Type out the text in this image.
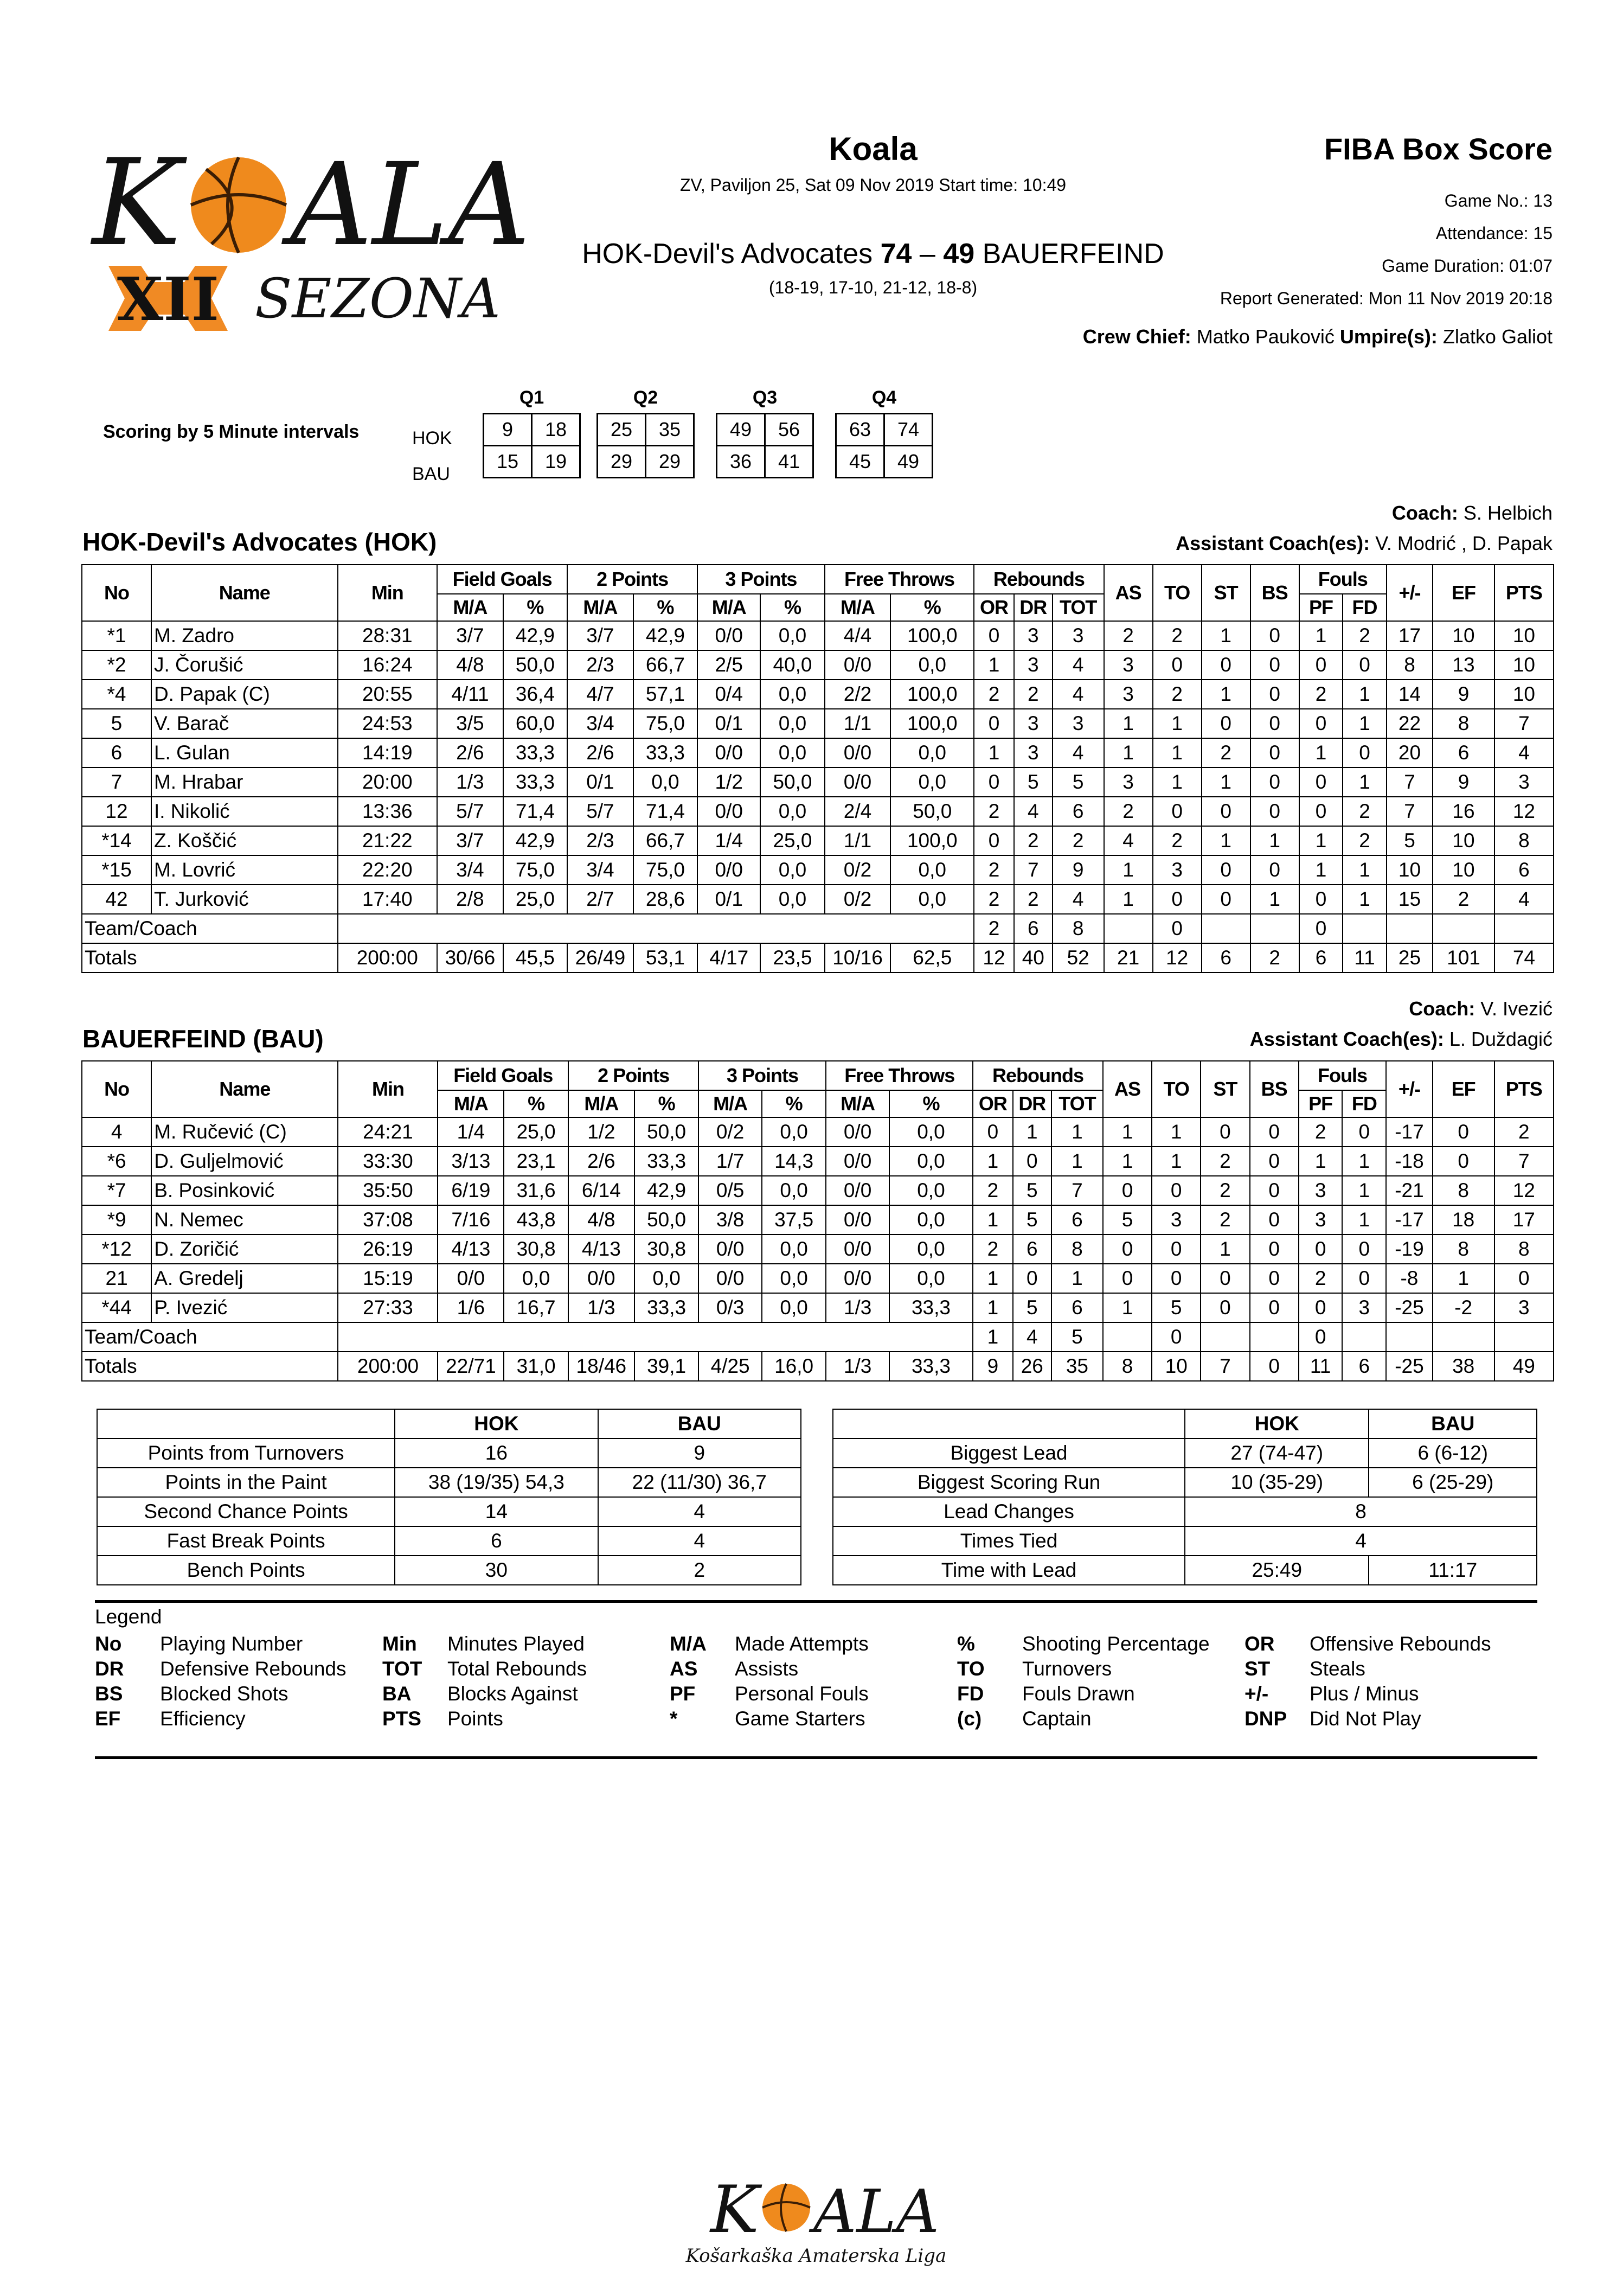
K ALA
XII SEZONA
Koala
ZV, Paviljon 25, Sat 09 Nov 2019 Start time: 10:49
HOK-Devil's Advocates 74 – 49 BAUERFEIND
(18-19, 17-10, 21-12, 18-8)
FIBA Box Score
Game No.: 13
Attendance: 15
Game Duration: 01:07
Report Generated: Mon 11 Nov 2019 20:18
Crew Chief: Matko Pauković Umpire(s): Zlatko Galiot
Scoring by 5 Minute intervals	HOK
BAU
Q1
9	18
15	19
Q2
25	35
29	29
Q3
49	56
36	41
Q4
63	74
45	49
Coach: S. Helbich
Assistant Coach(es): V. Modrić , D. Papak
HOK-Devil's Advocates (HOK)
No	Name	Min	Field Goals		2 Points		3 Points		Free Throws		Rebounds			AS	TO	ST	BS	Fouls		+/-	EF	PTS
			M/A	%	M/A	%	M/A	%	M/A	%	OR	DR	TOT					PF	FD			
*1	M. Zadro	28:31	3/7	42,9	3/7	42,9	0/0	0,0	4/4	100,0	0	3	3	2	2	1	0	1	2	17	10	10
*2	J. Čorušić	16:24	4/8	50,0	2/3	66,7	2/5	40,0	0/0	0,0	1	3	4	3	0	0	0	0	0	8	13	10
*4	D. Papak (C)	20:55	4/11	36,4	4/7	57,1	0/4	0,0	2/2	100,0	2	2	4	3	2	1	0	2	1	14	9	10
5	V. Barač	24:53	3/5	60,0	3/4	75,0	0/1	0,0	1/1	100,0	0	3	3	1	1	0	0	0	1	22	8	7
6	L. Gulan	14:19	2/6	33,3	2/6	33,3	0/0	0,0	0/0	0,0	1	3	4	1	1	2	0	1	0	20	6	4
7	M. Hrabar	20:00	1/3	33,3	0/1	0,0	1/2	50,0	0/0	0,0	0	5	5	3	1	1	0	0	1	7	9	3
12	I. Nikolić	13:36	5/7	71,4	5/7	71,4	0/0	0,0	2/4	50,0	2	4	6	2	0	0	0	0	2	7	16	12
*14	Z. Koščić	21:22	3/7	42,9	2/3	66,7	1/4	25,0	1/1	100,0	0	2	2	4	2	1	1	1	2	5	10	8
*15	M. Lovrić	22:20	3/4	75,0	3/4	75,0	0/0	0,0	0/2	0,0	2	7	9	1	3	0	0	1	1	10	10	6
42	T. Jurković	17:40	2/8	25,0	2/7	28,6	0/1	0,0	0/2	0,0	2	2	4	1	0	0	1	0	1	15	2	4
Team/Coach											2	6	8		0			0				
Totals		200:00	30/66	45,5	26/49	53,1	4/17	23,5	10/16	62,5	12	40	52	21	12	6	2	6	11	25	101	74
Coach: V. Ivezić
Assistant Coach(es): L. Duždagić
BAUERFEIND (BAU)
No	Name	Min	Field Goals		2 Points		3 Points		Free Throws		Rebounds			AS	TO	ST	BS	Fouls		+/-	EF	PTS
			M/A	%	M/A	%	M/A	%	M/A	%	OR	DR	TOT					PF	FD			
4	M. Ručević (C)	24:21	1/4	25,0	1/2	50,0	0/2	0,0	0/0	0,0	0	1	1	1	1	0	0	2	0	-17	0	2
*6	D. Guljelmović	33:30	3/13	23,1	2/6	33,3	1/7	14,3	0/0	0,0	1	0	1	1	1	2	0	1	1	-18	0	7
*7	B. Posinković	35:50	6/19	31,6	6/14	42,9	0/5	0,0	0/0	0,0	2	5	7	0	0	2	0	3	1	-21	8	12
*9	N. Nemec	37:08	7/16	43,8	4/8	50,0	3/8	37,5	0/0	0,0	1	5	6	5	3	2	0	3	1	-17	18	17
*12	D. Zoričić	26:19	4/13	30,8	4/13	30,8	0/0	0,0	0/0	0,0	2	6	8	0	0	1	0	0	0	-19	8	8
21	A. Gredelj	15:19	0/0	0,0	0/0	0,0	0/0	0,0	0/0	0,0	1	0	1	0	0	0	0	2	0	-8	1	0
*44	P. Ivezić	27:33	1/6	16,7	1/3	33,3	0/3	0,0	1/3	33,3	1	5	6	1	5	0	0	0	3	-25	-2	3
Team/Coach											1	4	5		0			0				
Totals		200:00	22/71	31,0	18/46	39,1	4/25	16,0	1/3	33,3	9	26	35	8	10	7	0	11	6	-25	38	49
	HOK	BAU
Points from Turnovers	16	9
Points in the Paint	38 (19/35) 54,3	22 (11/30) 36,7
Second Chance Points	14	4
Fast Break Points	6	4
Bench Points	30	2
	HOK	BAU
Biggest Lead	27 (74-47)	6 (6-12)
Biggest Scoring Run	10 (35-29)	6 (25-29)
Lead Changes	8	
Times Tied	4	
Time with Lead	25:49	11:17
Legend
No	Playing Number	Min	Minutes Played	M/A	Made Attempts	%	Shooting Percentage	OR	Offensive Rebounds
DR	Defensive Rebounds	TOT	Total Rebounds	AS	Assists	TO	Turnovers	ST	Steals
BS	Blocked Shots	BA	Blocks Against	PF	Personal Fouls	FD	Fouls Drawn	+/-	Plus / Minus
EF	Efficiency	PTS	Points	*	Game Starters	(c)	Captain	DNP	Did Not Play
K ALA
Košarkaška Amaterska Liga
